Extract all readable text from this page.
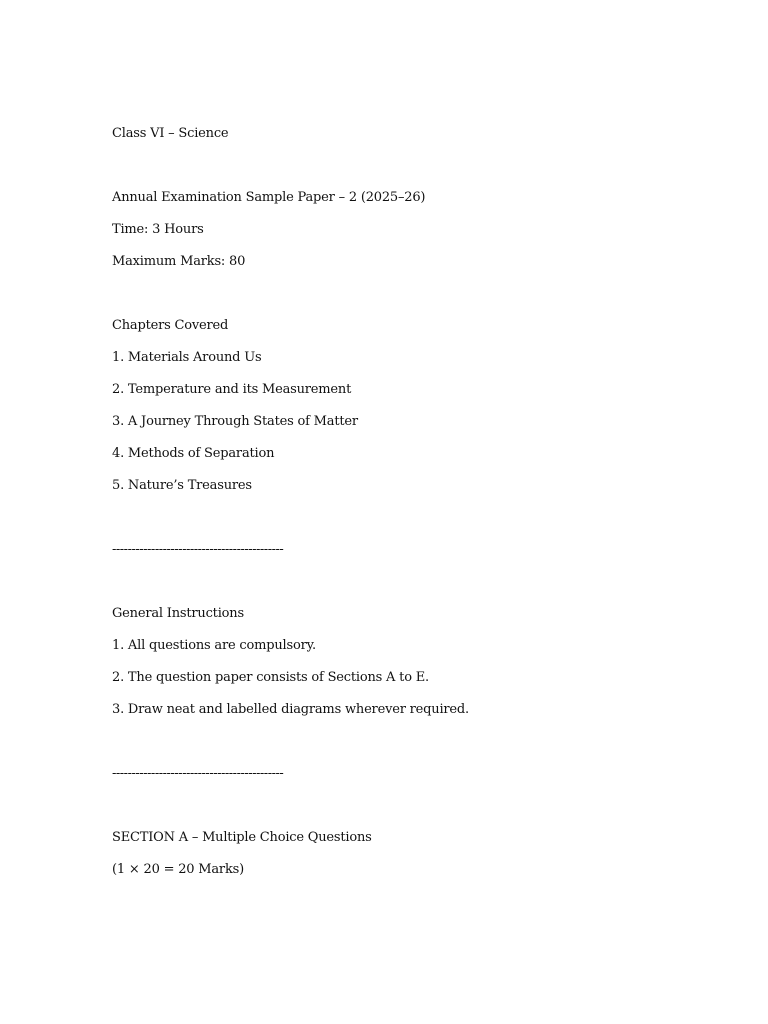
Class VI – Science
Annual Examination Sample Paper – 2 (2025–26)
Time: 3 Hours
Maximum Marks: 80
Chapters Covered
1. Materials Around Us
2. Temperature and its Measurement
3. A Journey Through States of Matter
4. Methods of Separation
5. Nature’s Treasures
--------------------------------------------
General Instructions
1. All questions are compulsory.
2. The question paper consists of Sections A to E.
3. Draw neat and labelled diagrams wherever required.
--------------------------------------------
SECTION A – Multiple Choice Questions
(1 × 20 = 20 Marks)
